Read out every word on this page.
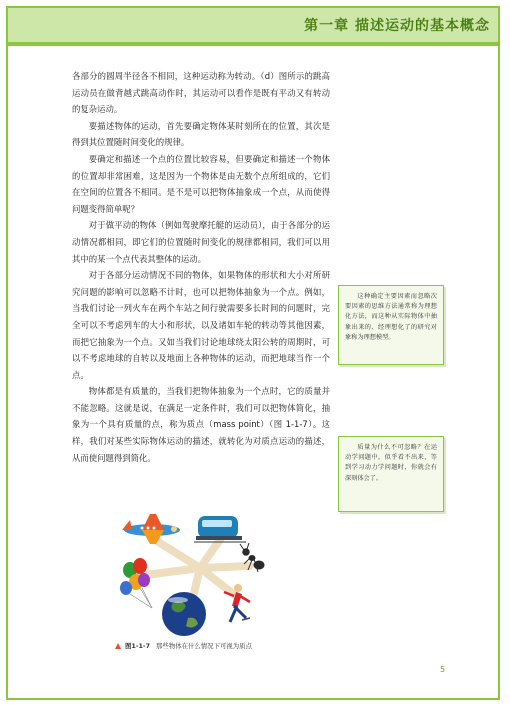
第一章 描述运动的基本概念

各部分的圆周半径各不相同，这种运动称为转动。（d）图所示的跳高运动员在做背越式跳高动作时，其运动可以看作是既有平动又有转动的复杂运动。

要描述物体的运动，首先要确定物体某时刻所在的位置，其次是得到其位置随时间变化的规律。

要确定和描述一个点的位置比较容易，但要确定和描述一个物体的位置却非常困难，这是因为一个物体是由无数个点所组成的，它们在空间的位置各不相同。是不是可以把物体抽象成一个点，从而使得问题变得简单呢？

对于做平动的物体（例如驾驶摩托艇的运动员），由于各部分的运动情况都相同，即它们的位置随时间变化的规律都相同，我们可以用其中的某一个点代表其整体的运动。

对于各部分运动情况不同的物体，如果物体的形状和大小对所研究问题的影响可以忽略不计时，也可以把物体抽象为一个点。例如，当我们讨论一列火车在两个车站之间行驶需要多长时间的问题时，完全可以不考虑列车的大小和形状，以及诸如车轮的转动等其他因素，而把它抽象为一个点。又如当我们讨论地球绕太阳公转的周期时，可以不考虑地球的自转以及地面上各种物体的运动，而把地球当作一个点。

物体都是有质量的，当我们把物体抽象为一个点时，它的质量并不能忽略。这就是说，在满足一定条件时，我们可以把物体简化，抽象为一个具有质量的点，称为质点（mass point）（图 1-1-7）。这样，我们对某些实际物体运动的描述，就转化为对质点运动的描述，从而使问题得到简化。

这种确定主要因素而忽略次要因素的思维方法通常称为理想化方法，而这种从实际物体中抽象出来的、经理想化了的研究对象称为理想模型。
质量为什么不可忽略？在运动学问题中，似乎看不出来，等到学习动力学问题时，你就会有深刻体会了。
图1-1-7 那些物体在什么情况下可视为质点
5
